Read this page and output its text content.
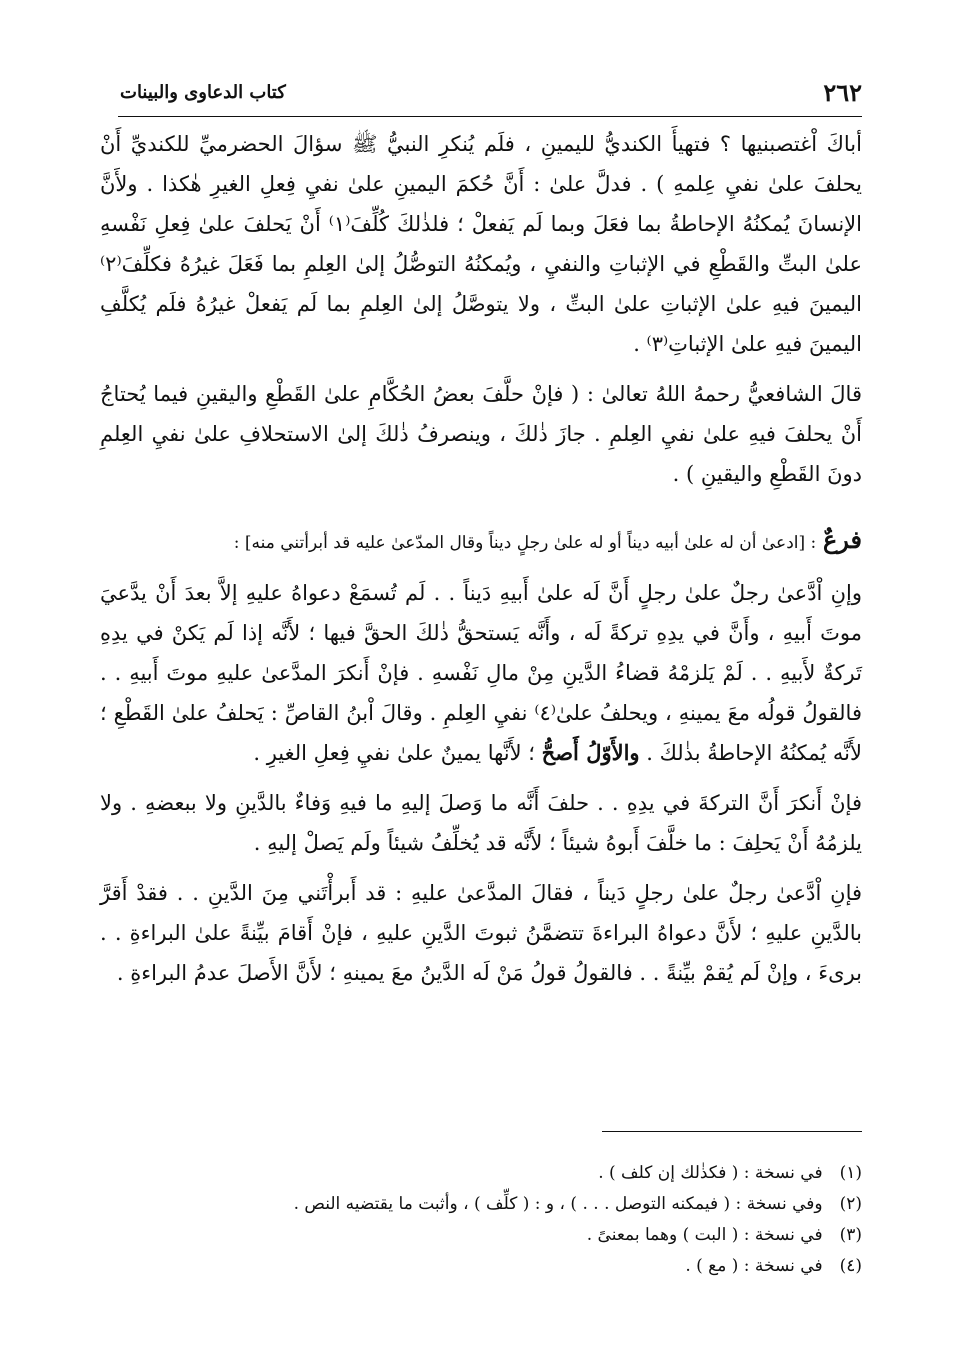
٢٦٢
كتاب الدعاوى والبينات

أباكَ اْغتصبنيها ؟ فتهيأَ الكنديُّ لليمينِ ، فلَم يُنكرِ النبيُّ ﷺ سؤالَ الحضرميِّ للكنديِّ أَنْ يحلفَ علىٰ نفيِ عِلمهِ ) . فدلَّ علىٰ : أَنَّ حُكمَ اليمينِ علىٰ نفيِ فِعلِ الغيرِ هٰكذا . ولأَنَّ الإنسانَ يُمكنُهُ الإحاطةُ بما فعَلَ وبما لَم يَفعلْ ؛ فلذٰلكَ كُلِّفَ⁽١⁾ أَنْ يَحلفَ علىٰ فِعلِ نَفْسهِ علىٰ البتِّ والقَطْعِ في الإثباتِ والنفيِ ، ويُمكنُهُ التوصُّلُ إلىٰ العِلمِ بما فَعَلَ غيرُهُ فكلِّفَ⁽٢⁾ اليمينَ فيهِ علىٰ الإثباتِ علىٰ البتِّ ، ولا يتوصَّلُ إلىٰ العِلمِ بما لَم يَفعلْ غيرُهُ فلَم يُكلَّفِ اليمينَ فيهِ علىٰ الإثباتِ⁽٣⁾ .

قالَ الشافعيُّ رحمهُ اللهُ تعالىٰ : ( فإنْ حلَّفَ بعضُ الحُكَّامِ علىٰ القَطْعِ واليقينِ فيما يُحتاجُ أَنْ يحلفَ فيهِ علىٰ نفيِ العِلمِ . جازَ ذٰلكَ ، وينصرفُ ذٰلكَ إلىٰ الاستحلافِ علىٰ نفيِ العِلمِ دونَ القَطْعِ واليقينِ ) .

فرعٌ : [ادعىٰ أن له علىٰ أبيه ديناً أو له علىٰ رجلٍ ديناً وقال المدّعىٰ عليه قد أبرأتني منه] :

وإنِ اْدَّعىٰ رجلٌ علىٰ رجلٍ أَنَّ لَه علىٰ أَبيهِ دَيناً . . لَم تُسمَعْ دعواهُ عليهِ إلاَّ بعدَ أَنْ يدَّعيَ موتَ أَبيهِ ، وأَنَّ في يدِهِ تركةً لَه ، وأَنَّه يَستحقُّ ذٰلكَ الحقَّ فيها ؛ لأَنَّه إذا لَم يَكنْ في يدِهِ تَركةٌ لأَبيهِ . . لَمْ يَلزمْهُ قضاءُ الدَّينِ مِنْ مالِ نَفْسهِ . فإنْ أَنكرَ المدَّعىٰ عليهِ موتَ أَبيهِ . . فالقولُ قولُه معَ يمينهِ ، ويحلفُ علىٰ⁽٤⁾ نفيِ العِلمِ . وقالَ اْبنُ القاصِّ : يَحلفُ علىٰ القَطْعِ ؛ لأَنَّه يُمكنُهُ الإحاطةُ بذٰلكَ . والأَوّلُ أَصحُّ ؛ لأَنَّها يمينٌ علىٰ نفيِ فِعلِ الغيرِ .

فإنْ أَنكرَ أَنَّ التركةَ في يدِهِ . . حلفَ أَنَّه ما وَصلَ إليهِ ما فيهِ وَفاءٌ بالدَّينِ ولا ببعضهِ . ولا يلزمُهُ أَنْ يَحلِفَ : ما خلَّفَ أَبوهُ شيئاً ؛ لأَنَّه قد يُخلِّفُ شيئاً ولَم يَصلْ إليهِ .

فإنِ اْدَّعىٰ رجلٌ علىٰ رجلٍ دَيناً ، فقالَ المدَّعىٰ عليهِ : قد أَبرأْتَني مِنَ الدَّينِ . . فقدْ أَقرَّ بالدَّينِ عليهِ ؛ لأَنَّ دعواهُ البراءةَ تتضمَّنُ ثبوتَ الدَّينِ عليهِ ، فإنْ أَقامَ بيِّنةً علىٰ البراءةِ . . برىءَ ، وإنْ لَم يُقمْ بيِّنةً . . فالقولُ قولُ مَنْ لَه الدَّينُ معَ يمينهِ ؛ لأَنَّ الأَصلَ عدمُ البراءةِ .

(١) في نسخة : ( فكذٰلك إن كلف ) .
(٢) وفي نسخة : ( فيمكنه التوصل . . . ) ، و : ( كلِّف ) ، وأثبت ما يقتضيه النص .
(٣) في نسخة : ( البت ) وهما بمعنىً .
(٤) في نسخة : ( مع ) .
